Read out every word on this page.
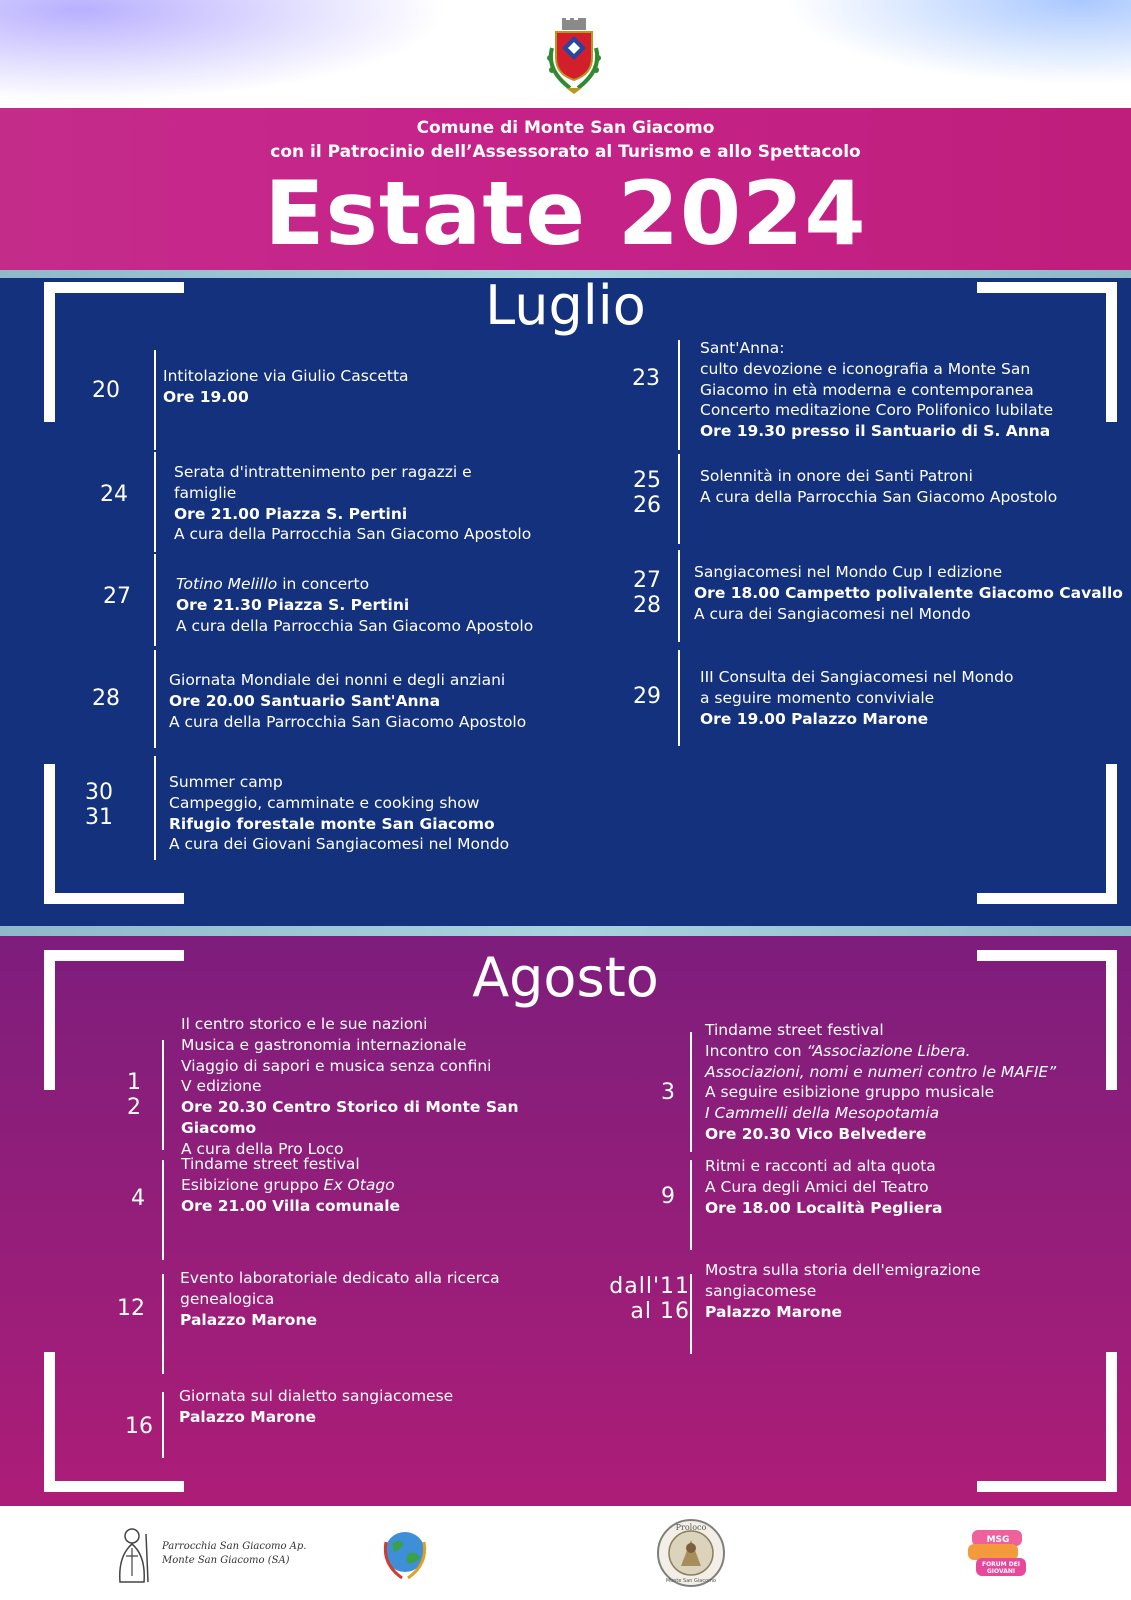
Comune di Monte San Giacomo
con il Patrocinio dell’Assessorato al Turismo e allo Spettacolo
Estate 2024
Luglio
20
Intitolazione via Giulio Cascetta
Ore 19.00
23
Sant'Anna:
culto devozione e iconografia a Monte San
Giacomo in età moderna e contemporanea
Concerto meditazione Coro Polifonico Iubilate
Ore 19.30 presso il Santuario di S. Anna
24
Serata d'intrattenimento per ragazzi e
famiglie
Ore 21.00 Piazza S. Pertini
A cura della Parrocchia San Giacomo Apostolo
25
26
Solennità in onore dei Santi Patroni
A cura della Parrocchia San Giacomo Apostolo
27	Totino Melillo in concerto
Ore 21.30 Piazza S. Pertini
A cura della Parrocchia San Giacomo Apostolo
27
28
Sangiacomesi nel Mondo Cup I edizione
Ore 18.00 Campetto polivalente Giacomo Cavallo
A cura dei Sangiacomesi nel Mondo
28
Giornata Mondiale dei nonni e degli anziani
Ore 20.00 Santuario Sant'Anna
A cura della Parrocchia San Giacomo Apostolo
29
III Consulta dei Sangiacomesi nel Mondo
a seguire momento conviviale
Ore 19.00 Palazzo Marone
30
31
Summer camp
Campeggio, camminate e cooking show
Rifugio forestale monte San Giacomo
A cura dei Giovani Sangiacomesi nel Mondo
Agosto
1
2
Il centro storico e le sue nazioni
Musica e gastronomia internazionale
Viaggio di sapori e musica senza confini
V edizione
Ore 20.30 Centro Storico di Monte San
Giacomo
A cura della Pro Loco
3
Tindame street festival
Incontro con “Associazione Libera.
Associazioni, nomi e numeri contro le MAFIE”
A seguire esibizione gruppo musicale
I Cammelli della Mesopotamia
Ore 20.30 Vico Belvedere
4
Tindame street festival
Esibizione gruppo Ex Otago
Ore 21.00 Villa comunale	9
Ritmi e racconti ad alta quota
A Cura degli Amici del Teatro
Ore 18.00 Località Pegliera
12
Evento laboratoriale dedicato alla ricerca
genealogica
Palazzo Marone
dall'11
al 16
Mostra sulla storia dell'emigrazione
sangiacomese
Palazzo Marone
16
Giornata sul dialetto sangiacomese
Palazzo Marone
Parrocchia San Giacomo Ap.
Monte San Giacomo (SA)
Proloco
Monte San Giacomo
MSG
FORUM DEI
GIOVANI
